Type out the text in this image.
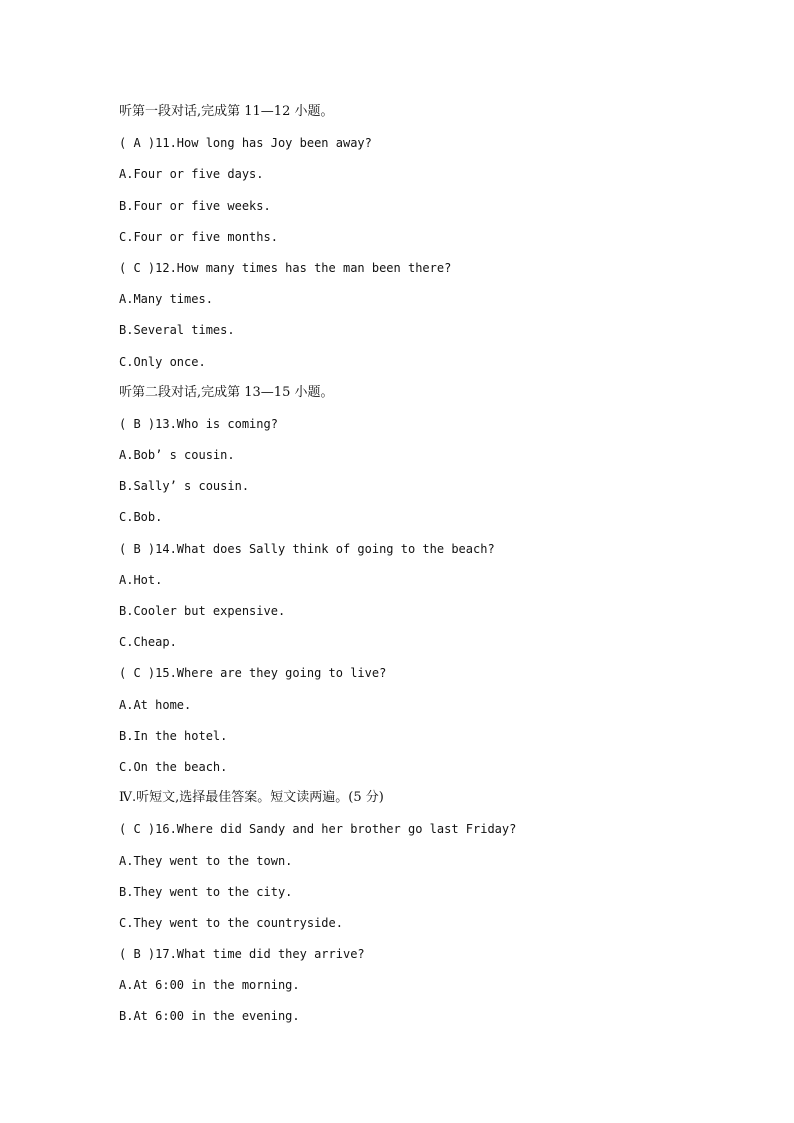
听第一段对话,完成第 11—12 小题。
( A )11.How long has Joy been away?
A.Four or five days.
B.Four or five weeks.
C.Four or five months.
( C )12.How many times has the man been there?
A.Many times.
B.Several times.
C.Only once.
听第二段对话,完成第 13—15 小题。
( B )13.Who is coming?
A.Bob’ s cousin.
B.Sally’ s cousin.
C.Bob.
( B )14.What does Sally think of going to the beach?
A.Hot.
B.Cooler but expensive.
C.Cheap.
( C )15.Where are they going to live?
A.At home.
B.In the hotel.
C.On the beach.
Ⅳ.听短文,选择最佳答案。短文读两遍。(5 分)
( C )16.Where did Sandy and her brother go last Friday?
A.They went to the town.
B.They went to the city.
C.They went to the countryside.
( B )17.What time did they arrive?
A.At 6:00 in the morning.
B.At 6:00 in the evening.
